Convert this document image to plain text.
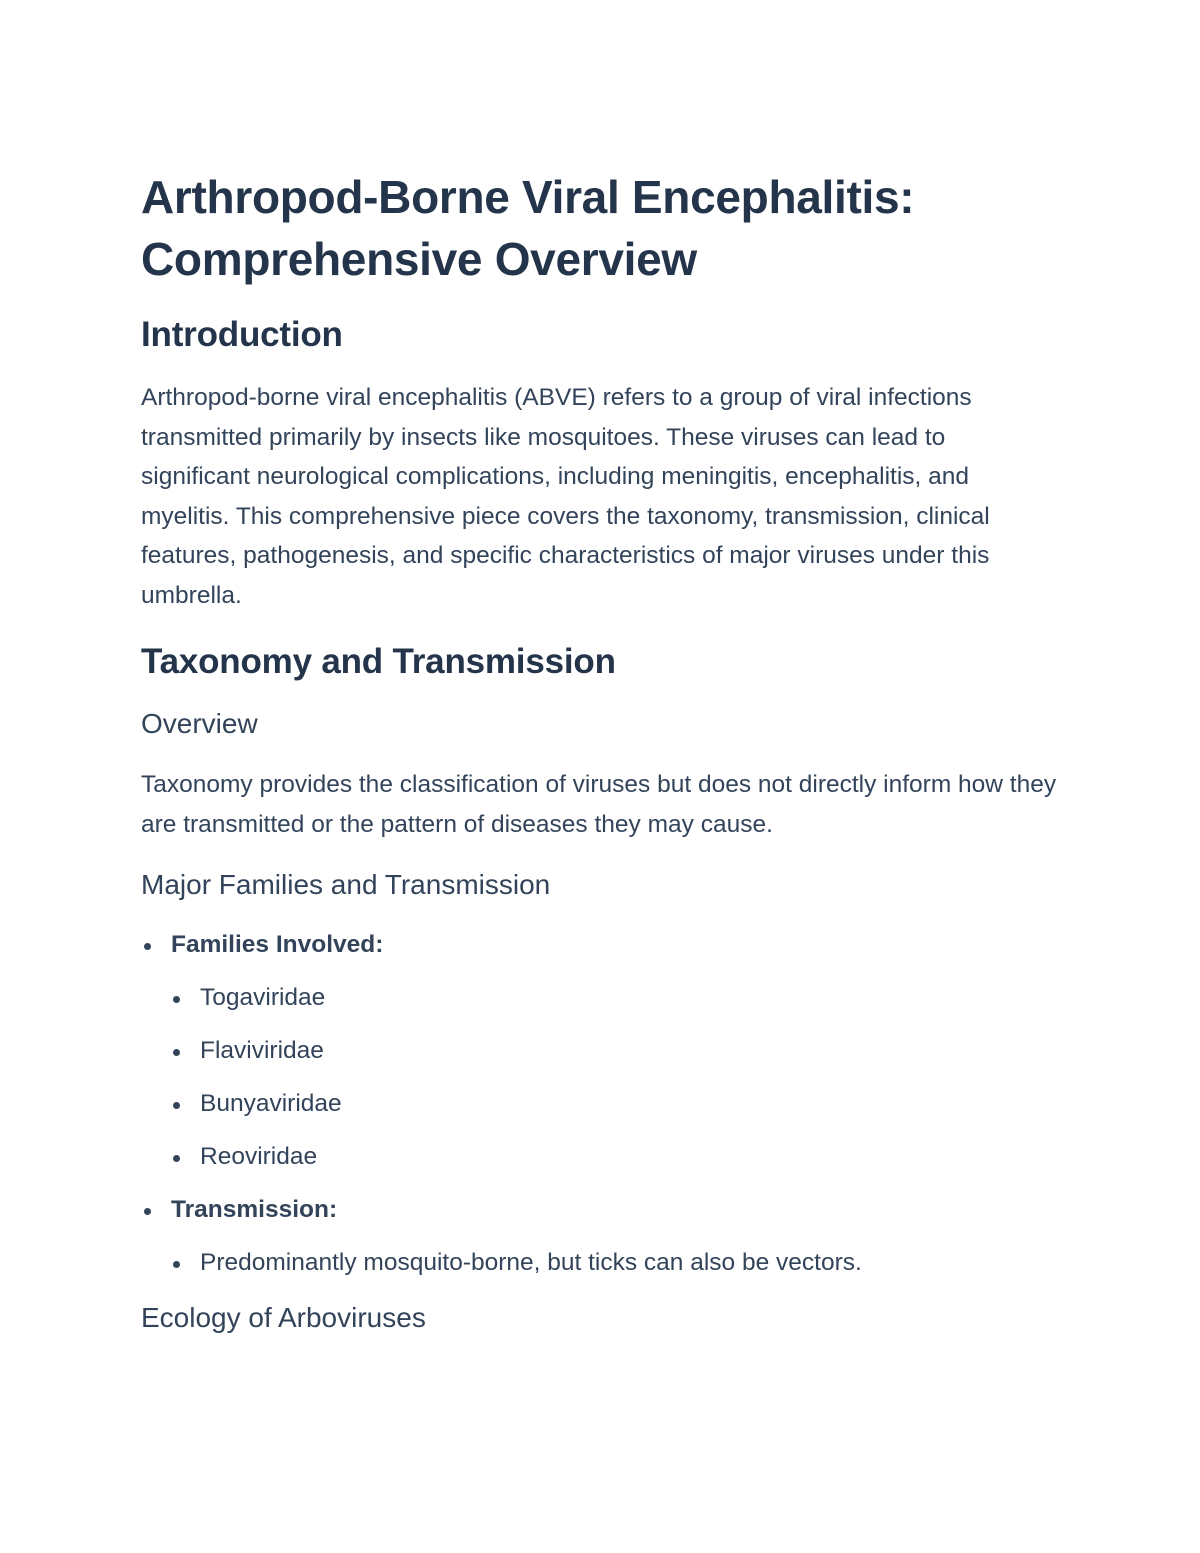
Arthropod-Borne Viral Encephalitis: Comprehensive Overview
Introduction

Arthropod-borne viral encephalitis (ABVE) refers to a group of viral infections transmitted primarily by insects like mosquitoes. These viruses can lead to significant neurological complications, including meningitis, encephalitis, and myelitis. This comprehensive piece covers the taxonomy, transmission, clinical features, pathogenesis, and specific characteristics of major viruses under this umbrella.

Taxonomy and Transmission
Overview

Taxonomy provides the classification of viruses but does not directly inform how they are transmitted or the pattern of diseases they may cause.

Major Families and Transmission
Families Involved:
Togaviridae
Flaviviridae
Bunyaviridae
Reoviridae
Transmission:
Predominantly mosquito-borne, but ticks can also be vectors.
Ecology of Arboviruses
